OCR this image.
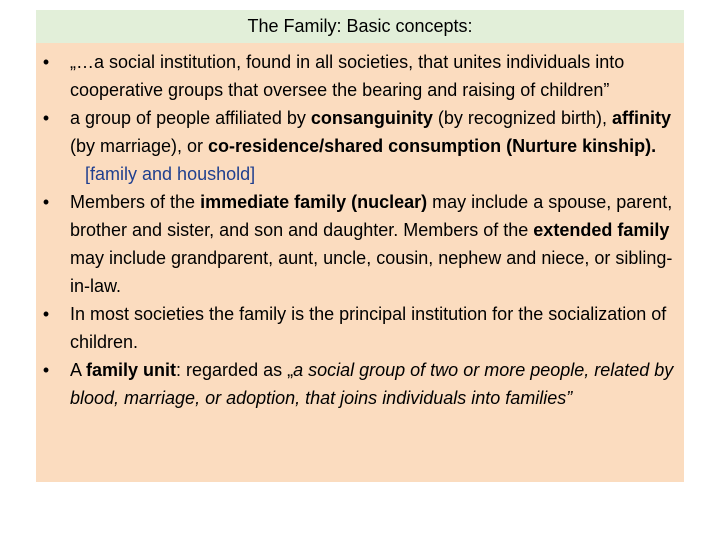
The Family: Basic concepts:
• „…a social institution, found in all societies, that unites individuals into cooperative groups that oversee the bearing and raising of children”
• a group of people affiliated by consanguinity (by recognized birth), affinity (by marriage), or co-residence/shared consumption (Nurture kinship).   [family and houshold]
• Members of the immediate family (nuclear) may include a spouse, parent, brother and sister, and son and daughter. Members of the extended family may include grandparent, aunt, uncle, cousin, nephew and niece, or sibling-in-law.
• In most societies the family is the principal institution for the socialization of children.
• A family unit: regarded as „a social group of two or more people, related by blood, marriage, or adoption, that joins individuals into families”
